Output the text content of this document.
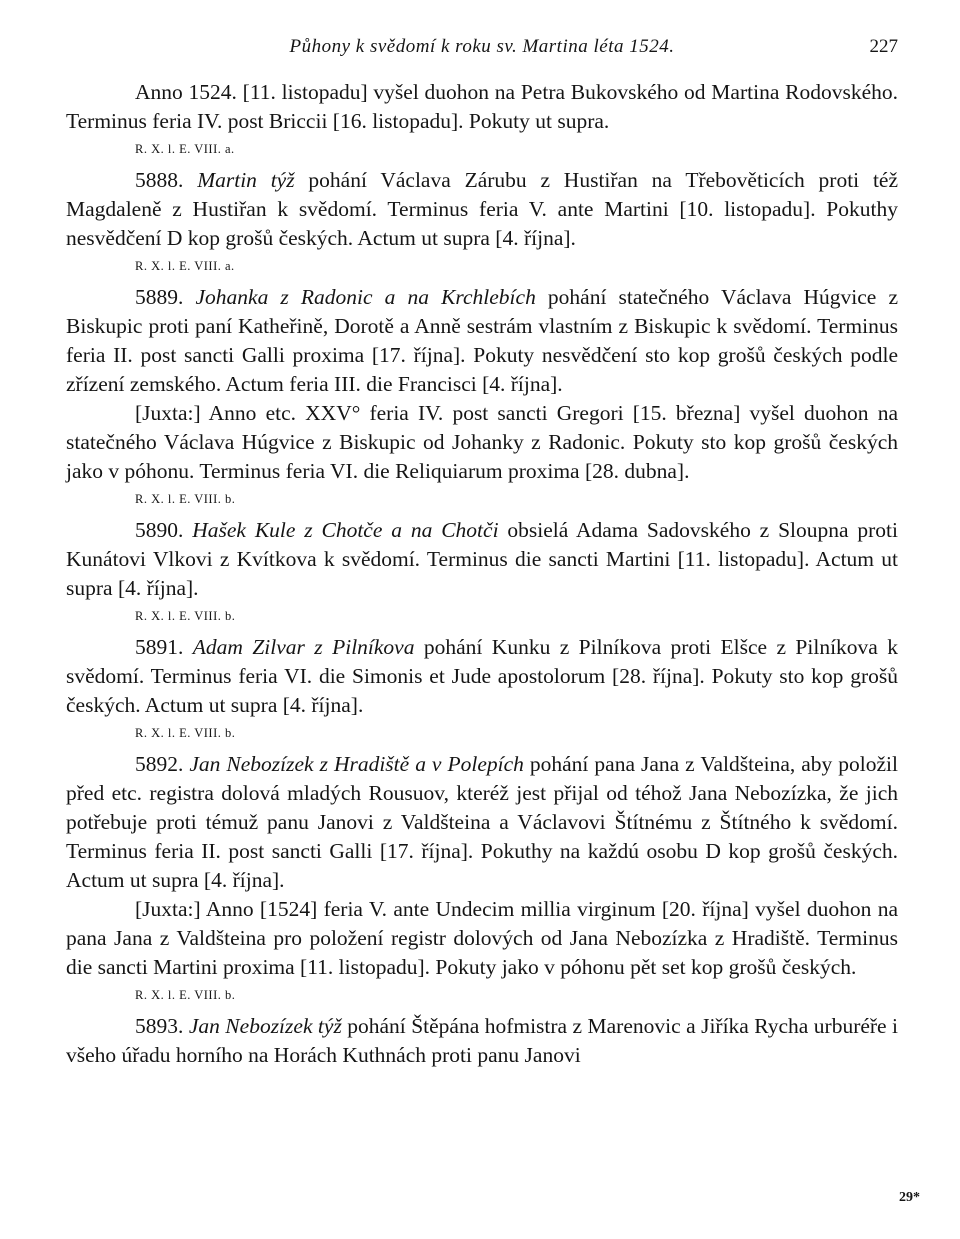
Půhony k svědomí k roku sv. Martina léta 1524.	227

Anno 1524. [11. listopadu] vyšel duohon na Petra Bukovského od Martina Rodovského. Terminus feria IV. post Briccii [16. listopadu]. Pokuty ut supra.

R. X. l. E. VIII. a.

5888. Martin týž pohání Václava Zárubu z Hustiřan na Třebověticích proti též Magdaleně z Hustiřan k svědomí. Terminus feria V. ante Martini [10. listopadu]. Pokuthy nesvědčení D kop grošů českých. Actum ut supra [4. října].

R. X. l. E. VIII. a.

5889. Johanka z Radonic a na Krchlebích pohání statečného Václava Húgvice z Biskupic proti paní Katheřině, Dorotě a Anně sestrám vlastním z Biskupic k svědomí. Terminus feria II. post sancti Galli proxima [17. října]. Pokuty nesvědčení sto kop grošů českých podle zřízení zemského. Actum feria III. die Francisci [4. října].

[Juxta:] Anno etc. XXV° feria IV. post sancti Gregori [15. března] vyšel duohon na statečného Václava Húgvice z Biskupic od Johanky z Radonic. Pokuty sto kop grošů českých jako v póhonu. Terminus feria VI. die Reliquiarum proxima [28. dubna].

R. X. l. E. VIII. b.

5890. Hašek Kule z Chotče a na Chotči obsielá Adama Sadovského z Sloupna proti Kunátovi Vlkovi z Kvítkova k svědomí. Terminus die sancti Martini [11. listopadu]. Actum ut supra [4. října].

R. X. l. E. VIII. b.

5891. Adam Zilvar z Pilníkova pohání Kunku z Pilníkova proti Elšce z Pilníkova k svědomí. Terminus feria VI. die Simonis et Jude apostolorum [28. října]. Pokuty sto kop grošů českých. Actum ut supra [4. října].

R. X. l. E. VIII. b.

5892. Jan Nebozízek z Hradiště a v Polepích pohání pana Jana z Valdšteina, aby položil před etc. registra dolová mladých Rousuov, kteréž jest přijal od téhož Jana Nebozízka, že jich potřebuje proti témuž panu Janovi z Valdšteina a Václavovi Štítnému z Štítného k svědomí. Terminus feria II. post sancti Galli [17. října]. Pokuthy na každú osobu D kop grošů českých. Actum ut supra [4. října].

[Juxta:] Anno [1524] feria V. ante Undecim millia virginum [20. října] vyšel duohon na pana Jana z Valdšteina pro položení registr dolových od Jana Nebozízka z Hradiště. Terminus die sancti Martini proxima [11. listopadu]. Pokuty jako v póhonu pět set kop grošů českých.

R. X. l. E. VIII. b.

5893. Jan Nebozízek týž pohání Štěpána hofmistra z Marenovic a Jiříka Rycha urburéře i všeho úřadu horního na Horách Kuthnách proti panu Janovi

29*
